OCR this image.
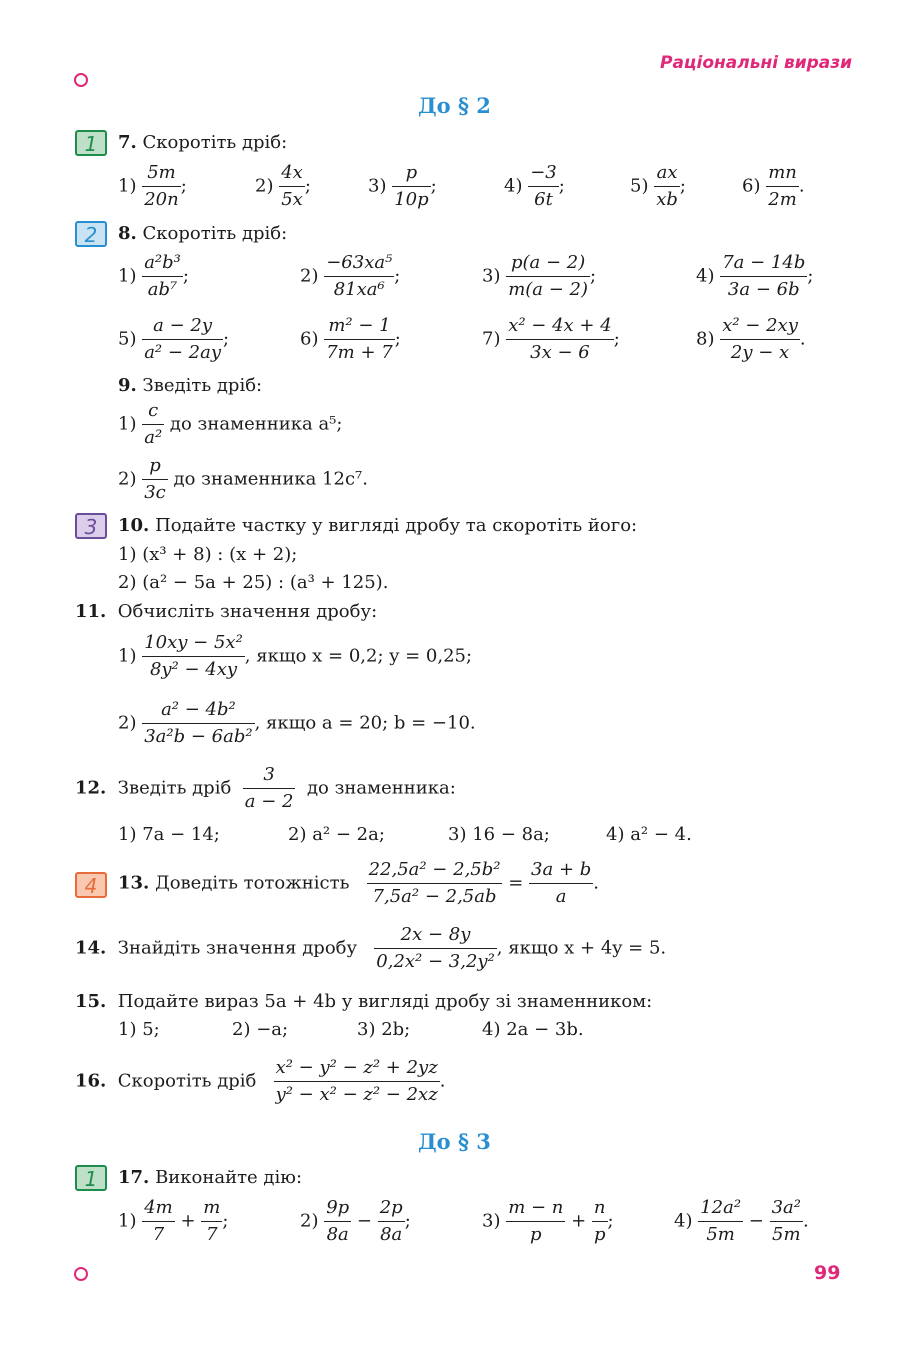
Раціональні вирази
До § 2
1	7. Скоротіть дріб:
$1) \frac{5m}{20n}$ ;	$2) \frac{4x}{5x}$ ;	$3) \frac{p}{10p}$ ;	$4) \frac{-3}{6t}$ ;	$5) \frac{ax}{xb}$ ;	$6) \frac{mn}{2m}$ .
2	8. Скоротіть дріб:
$1) \frac{\text{a²b³}}{\text{ab⁷}}$ ;	$2) \frac{\text{−63xa⁵}}{\text{81xa⁶}}$ ;	$3) \frac{p(a - 2)}{m(a - 2)}$ ;	$4) \frac{7a - 14b}{3a - 6b}$ ;
$5) \frac{a - 2y}{\text{a² − 2ay}}$ ;	$6) \frac{\text{m² − 1}}{7m + 7}$ ;	$7) \frac{\text{x² − 4x + 4}}{3x - 6}$ ;	$8) \frac{\text{x² − 2xy}}{2y - x}$ .
9. Зведіть дріб:
$1) \frac{c}{\text{a²}}$ до знаменника a⁵;
$2) \frac{p}{3c}$ до знаменника 12c⁷.
3	10. Подайте частку у вигляді дробу та скоротіть його:
1) (x³ + 8) : (x + 2);
2) (a² − 5a + 25) : (a³ + 125).
11. Обчисліть значення дробу:
$1) \frac{\text{10xy − 5x²}}{\text{8y² − 4xy}}$ , якщо x = 0,2; y = 0,25;
$2) \frac{\text{a² − 4b²}}{\text{3a²b − 6ab²}}$ , якщо a = 20; b = −10.
12. Зведіть дріб $\frac{3}{a - 2}$ до знаменника:
1) 7a − 14;	2) a² − 2a;	3) 16 − 8a;	4) a² − 4.
4	13. Доведіть тотожність $\frac{\text{22,5a² − 2,5b²}}{\text{7,5a² − 2,5ab}} = \frac{3a + b}{a}$ .
14. Знайдіть значення дробу $\frac{2x - 8y}{\text{0,2x² − 3,2y²}}$ , якщо x + 4y = 5.
15. Подайте вираз 5a + 4b у вигляді дробу зі знаменником:
1) 5;	2) −a;	3) 2b;	4) 2a − 3b.
16. Скоротіть дріб $\frac{\text{x² − y² − z² + 2yz}}{\text{y² − x² − z² − 2xz}}$ .
До § 3
1	17. Виконайте дію:
$1) \frac{4m}{7} + \frac{m}{7}$ ;	$2) \frac{9p}{8a} - \frac{2p}{8a}$ ;	$3) \frac{m - n}{p} + \frac{n}{p}$ ;	$4) \frac{\text{12a²}}{5m} - \frac{\text{3a²}}{5m}$ .
99
